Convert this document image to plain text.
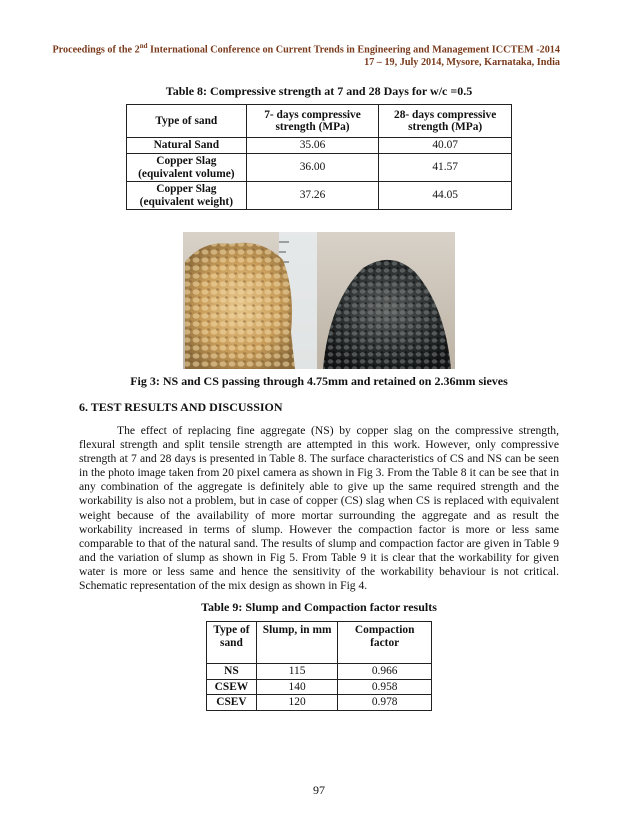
Proceedings of the 2nd International Conference on Current Trends in Engineering and Management ICCTEM -2014
17 – 19, July 2014, Mysore, Karnataka, India
Table 8: Compressive strength at 7 and 28 Days for w/c =0.5
Type of sand	7- days compressive strength (MPa)	28- days compressive strength (MPa)
Natural Sand	35.06	40.07
Copper Slag (equivalent volume)	36.00	41.57
Copper Slag (equivalent weight)	37.26	44.05
Fig 3: NS and CS passing through 4.75mm and retained on 2.36mm sieves
6. TEST RESULTS AND DISCUSSION
The effect of replacing fine aggregate (NS) by copper slag on the compressive strength, flexural strength and split tensile strength are attempted in this work. However, only compressive strength at 7 and 28 days is presented in Table 8. The surface characteristics of CS and NS can be seen in the photo image taken from 20 pixel camera as shown in Fig 3. From the Table 8 it can be see that in any combination of the aggregate is definitely able to give up the same required strength and the workability is also not a problem, but in case of copper (CS) slag when CS is replaced with equivalent weight because of the availability of more mortar surrounding the aggregate and as result the workability increased in terms of slump. However the compaction factor is more or less same comparable to that of the natural sand. The results of slump and compaction factor are given in Table 9 and the variation of slump as shown in Fig 5. From Table 9 it is clear that the workability for given water is more or less same and hence the sensitivity of the workability behaviour is not critical. Schematic representation of the mix design as shown in Fig 4.
Table 9: Slump and Compaction factor results
Type of sand	Slump, in mm	Compaction factor
NS	115	0.966
CSEW	140	0.958
CSEV	120	0.978
97
